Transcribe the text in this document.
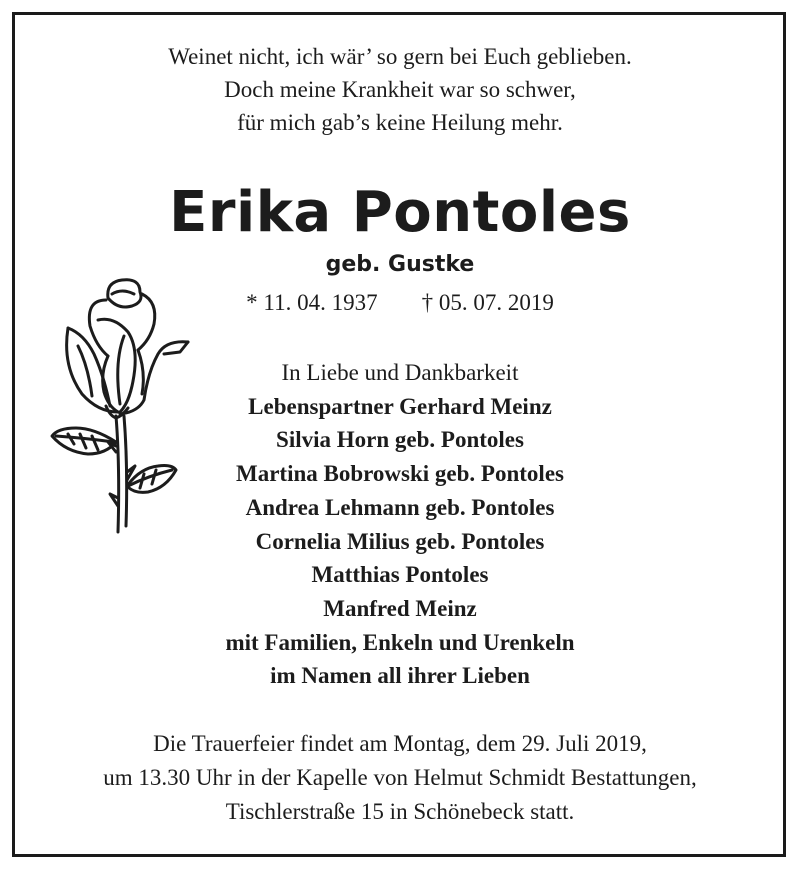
Weinet nicht, ich wär’ so gern bei Euch geblieben.
Doch meine Krankheit war so schwer,
für mich gab’s keine Heilung mehr.
Erika Pontoles
geb. Gustke
* 11. 04. 1937 † 05. 07. 2019
In Liebe und Dankbarkeit
Lebenspartner Gerhard Meinz
Silvia Horn geb. Pontoles
Martina Bobrowski geb. Pontoles
Andrea Lehmann geb. Pontoles
Cornelia Milius geb. Pontoles
Matthias Pontoles
Manfred Meinz
mit Familien, Enkeln und Urenkeln
im Namen all ihrer Lieben
Die Trauerfeier findet am Montag, dem 29. Juli 2019,
um 13.30 Uhr in der Kapelle von Helmut Schmidt Bestattungen,
Tischlerstraße 15 in Schönebeck statt.
